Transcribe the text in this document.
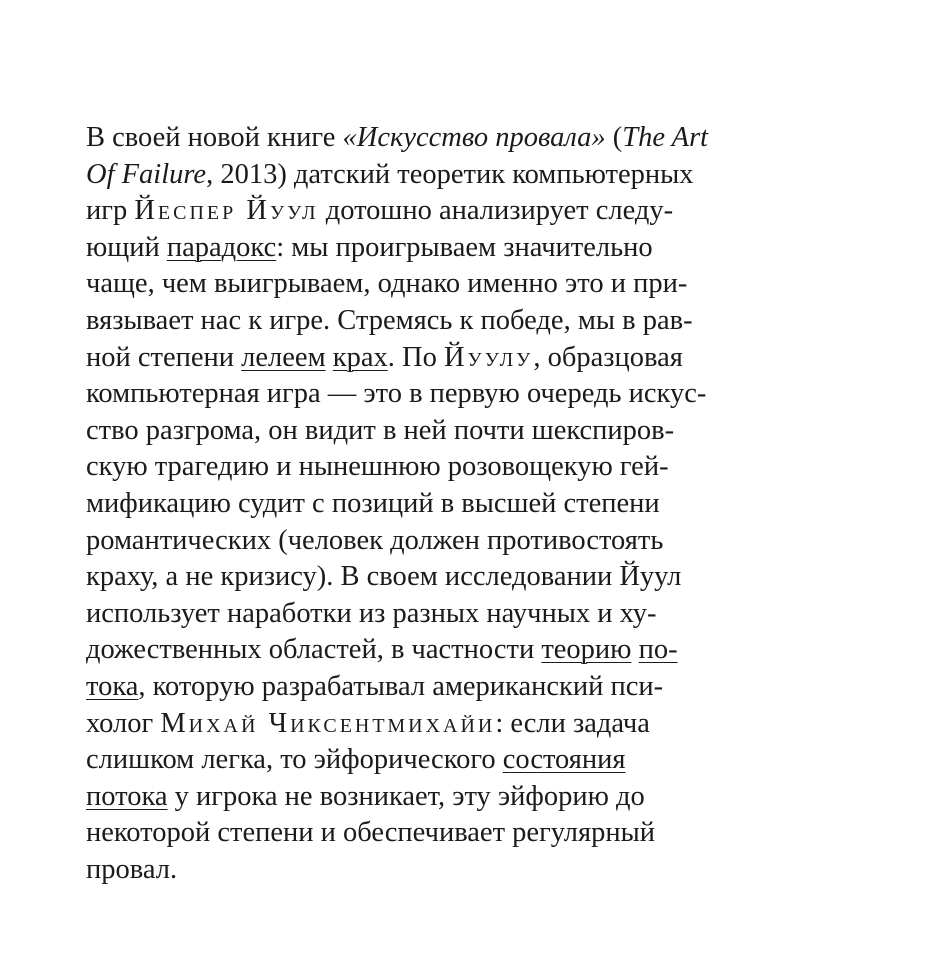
В своей новой книге «Искусство провала» (The Art
Of Failure, 2013) датский теоретик компьютерных
игр Йеспер Йуул дотошно анализирует следу-
ющий парадокс: мы проигрываем значительно
чаще, чем выигрываем, однако именно это и при-
вязывает нас к игре. Стремясь к победе, мы в рав-
ной степени лелеем крах. По Йуулу, образцовая
компьютерная игра — это в первую очередь искус-
ство разгрома, он видит в ней почти шекспиров-
скую трагедию и нынешнюю розовощекую гей-
мификацию судит с позиций в высшей степени
романтических (человек должен противостоять
краху, а не кризису). В своем исследовании Йуул
использует наработки из разных научных и ху-
дожественных областей, в частности теорию по-
тока, которую разрабатывал американский пси-
холог Михай Чиксентмихайи: если задача
слишком легка, то эйфорического состояния
потока у игрока не возникает, эту эйфорию до
некоторой степени и обеспечивает регулярный
провал.
